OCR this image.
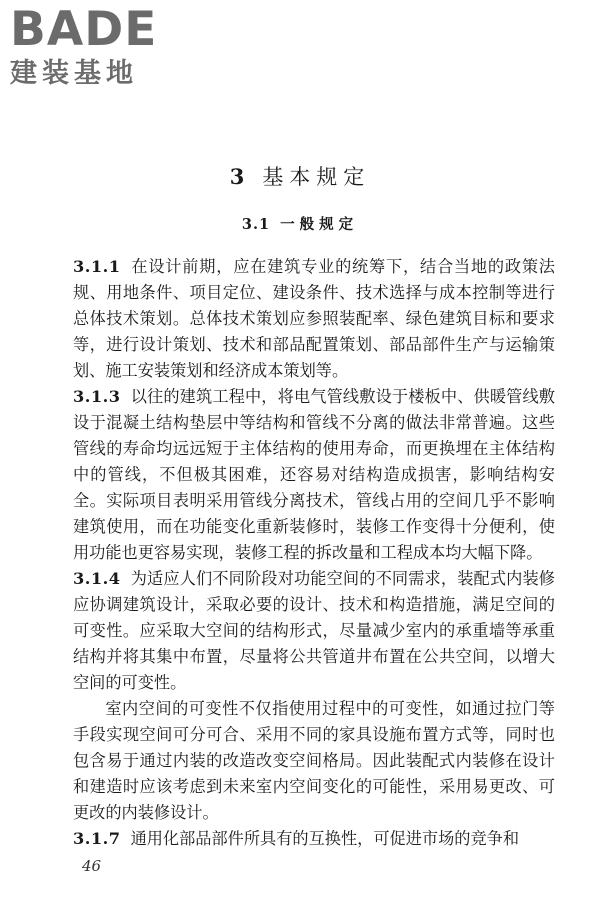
BADE
建装基地
3 基本规定
3.1 一般规定

3.1.1 在设计前期，应在建筑专业的统筹下，结合当地的政策法规、用地条件、项目定位、建设条件、技术选择与成本控制等进行总体技术策划。总体技术策划应参照装配率、绿色建筑目标和要求等，进行设计策划、技术和部品配置策划、部品部件生产与运输策划、施工安装策划和经济成本策划等。

3.1.3 以往的建筑工程中，将电气管线敷设于楼板中、供暖管线敷设于混凝土结构垫层中等结构和管线不分离的做法非常普遍。这些管线的寿命均远远短于主体结构的使用寿命，而更换埋在主体结构中的管线，不但极其困难，还容易对结构造成损害，影响结构安全。实际项目表明采用管线分离技术，管线占用的空间几乎不影响建筑使用，而在功能变化重新装修时，装修工作变得十分便利，使用功能也更容易实现，装修工程的拆改量和工程成本均大幅下降。

3.1.4 为适应人们不同阶段对功能空间的不同需求，装配式内装修应协调建筑设计，采取必要的设计、技术和构造措施，满足空间的可变性。应采取大空间的结构形式，尽量减少室内的承重墙等承重结构并将其集中布置，尽量将公共管道井布置在公共空间，以增大空间的可变性。

室内空间的可变性不仅指使用过程中的可变性，如通过拉门等手段实现空间可分可合、采用不同的家具设施布置方式等，同时也包含易于通过内装的改造改变空间格局。因此装配式内装修在设计和建造时应该考虑到未来室内空间变化的可能性，采用易更改、可更改的内装修设计。

3.1.7 通用化部品部件所具有的互换性，可促进市场的竞争和

46
